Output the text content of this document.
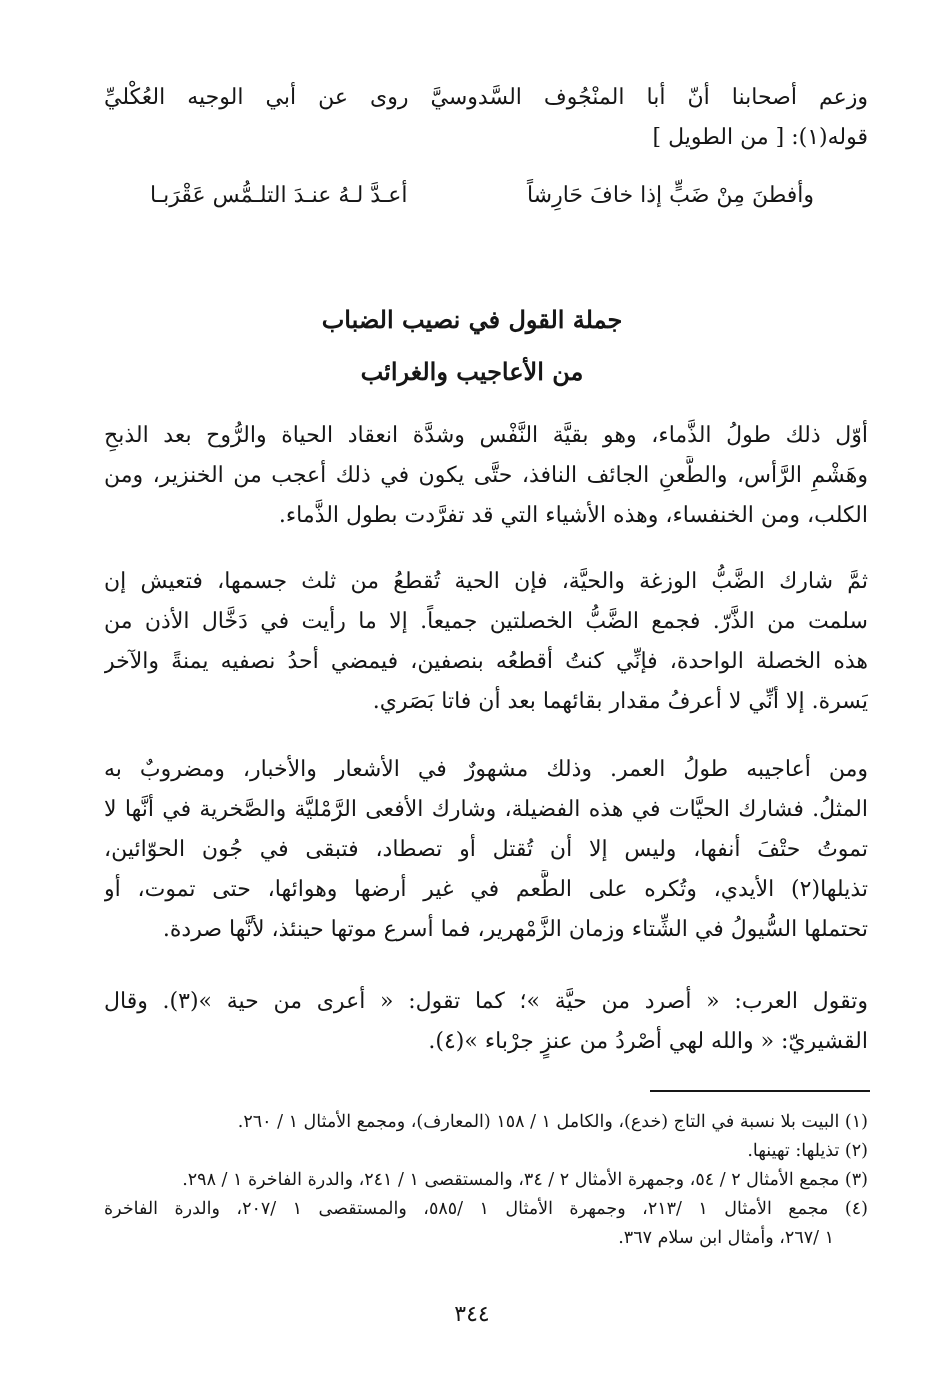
وزعم أصحابنا أنّ أبا المنْجُوف السَّدوسيَّ روى عن أبي الوجيه العُكْليِّ
قوله(١): [ من الطويل ]
وأفطنَ مِنْ ضَبٍّ إذا خافَ حَارِشاً
أعـدَّ لـهُ عنـدَ التلـمُّس عَقْرَبـا
جملة القول في نصيب الضباب
من الأعاجيب والغرائب
أوّل ذلك طولُ الذَّماء، وهو بقيَّة النَّفْس وشدَّة انعقاد الحياة والرُّوح بعد الذبحِ
وهَشْمِ الرَّأس، والطَّعنِ الجائف النافذ، حتَّى يكون في ذلك أعجب من الخنزير، ومن
الكلب، ومن الخنفساء، وهذه الأشياء التي قد تفرَّدت بطول الذَّماء.
ثمَّ شارك الضَّبُّ الوزغة والحيَّة، فإن الحية تُقطعُ من ثلث جسمها، فتعيش إن
سلمت من الذَّرّ. فجمع الضَّبُّ الخصلتين جميعاً. إلا ما رأيت في دَخَّال الأذن من
هذه الخصلة الواحدة، فإنِّي كنتُ أقطعُه بنصفين، فيمضي أحدُ نصفيه يمنةً والآخر
يَسرة. إلا أنِّي لا أعرفُ مقدار بقائهما بعد أن فاتا بَصَري.
ومن أعاجيبه طولُ العمر. وذلك مشهورٌ في الأشعار والأخبار، ومضروبٌ به
المثلُ. فشارك الحيَّات في هذه الفضيلة، وشارك الأفعى الرَّمْليَّة والصَّخرية في أنَّها لا
تموتُ حتْفَ أنفها، وليس إلا أن تُقتل أو تصطاد، فتبقى في جُون الحوّائين،
تذيلها(٢) الأيدي، وتُكره على الطَّعم في غير أرضها وهوائها، حتى تموت، أو
تحتملها السُّيولُ في الشِّتاء وزمان الزَّمْهرير، فما أسرع موتها حينئذ، لأنَّها صردة.
وتقول العرب: « أصرد من حيَّة »؛ كما تقول: « أعرى من حية »(٣). وقال
القشيريّ: « والله لهي أصْردُ من عنزٍ جرْباء »(٤).
(١) البيت بلا نسبة في التاج (خدع)، والكامل ١ / ١٥٨ (المعارف)، ومجمع الأمثال ١ / ٢٦٠.
(٢) تذيلها: تهينها.
(٣) مجمع الأمثال ٢ / ٥٤، وجمهرة الأمثال ٢ / ٣٤، والمستقصى ١ / ٢٤١، والدرة الفاخرة ١ / ٢٩٨.
(٤) مجمع الأمثال ١ /٢١٣، وجمهرة الأمثال ١ /٥٨٥، والمستقصى ١ /٢٠٧، والدرة الفاخرة
١ /٢٦٧، وأمثال ابن سلام ٣٦٧.
٣٤٤
